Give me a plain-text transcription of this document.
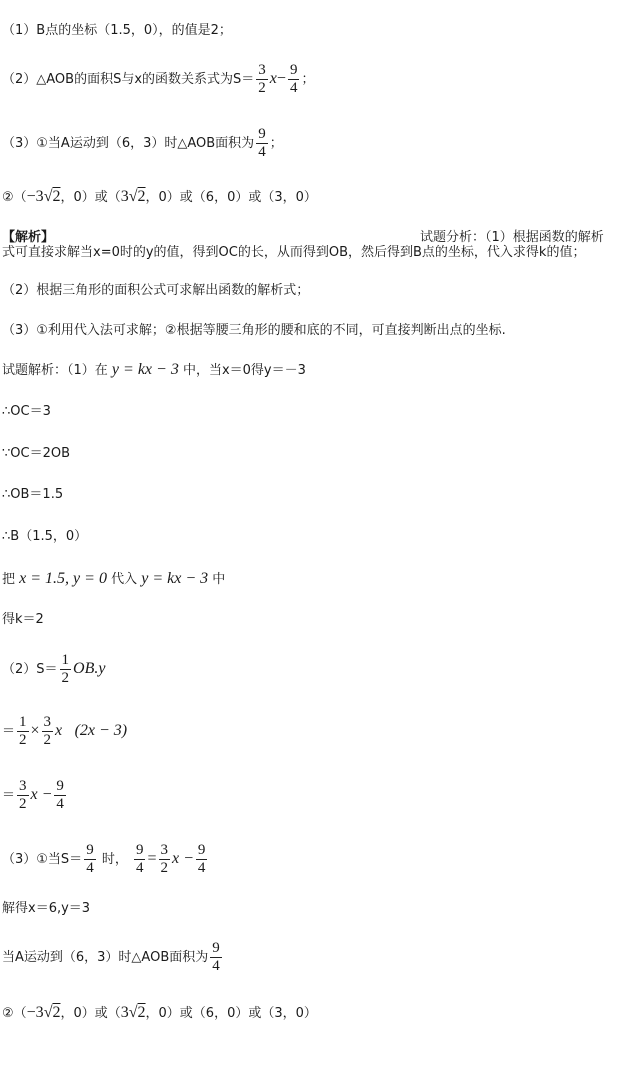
（1）B点的坐标（1.5，0），的值是2；
（2）△AOB的面积S与x的函数关系式为$S= \frac{3}{2} x- \frac{9}{4}$ ；
（3）①当A运动到（6，3）时△AOB面积为 $\frac{9}{4}$ ；
②（−3√2，0）或（3√2，0）或（6，0）或（3，0）
【解析】	试题分析：（1）根据函数的解析
式可直接求解当x=0时的y的值，得到OC的长，从而得到OB，然后得到B点的坐标，代入求得k的值；
（2）根据三角形的面积公式可求解出函数的解析式；
（3）①利用代入法可求解；②根据等腰三角形的腰和底的不同，可直接判断出点的坐标.
试题解析：（1）在 y = kx − 3 中，当x＝0得y＝－3
∴OC＝3
∵OC＝2OB
∴OB＝1.5
∴B（1.5，0）
把 x = 1.5, y = 0 代入 y = kx − 3 中
得k＝2
$(2)S= \frac{1}{2} OB.y$
＝ $\frac{1}{2} \times \frac{3}{2}$ x (2x − 3)
＝ $\frac{3}{2}$ $x - \frac{9}{4}$
（3）①当$S= \frac{9}{4}$ 时， $\frac{9}{4} = \frac{3}{2}$ $x - \frac{9}{4}$
解得x＝6,y＝3
当A运动到（6，3）时△AOB面积为 $\frac{9}{4}$
②（−3√2，0）或（3√2，0）或（6，0）或（3，0）
